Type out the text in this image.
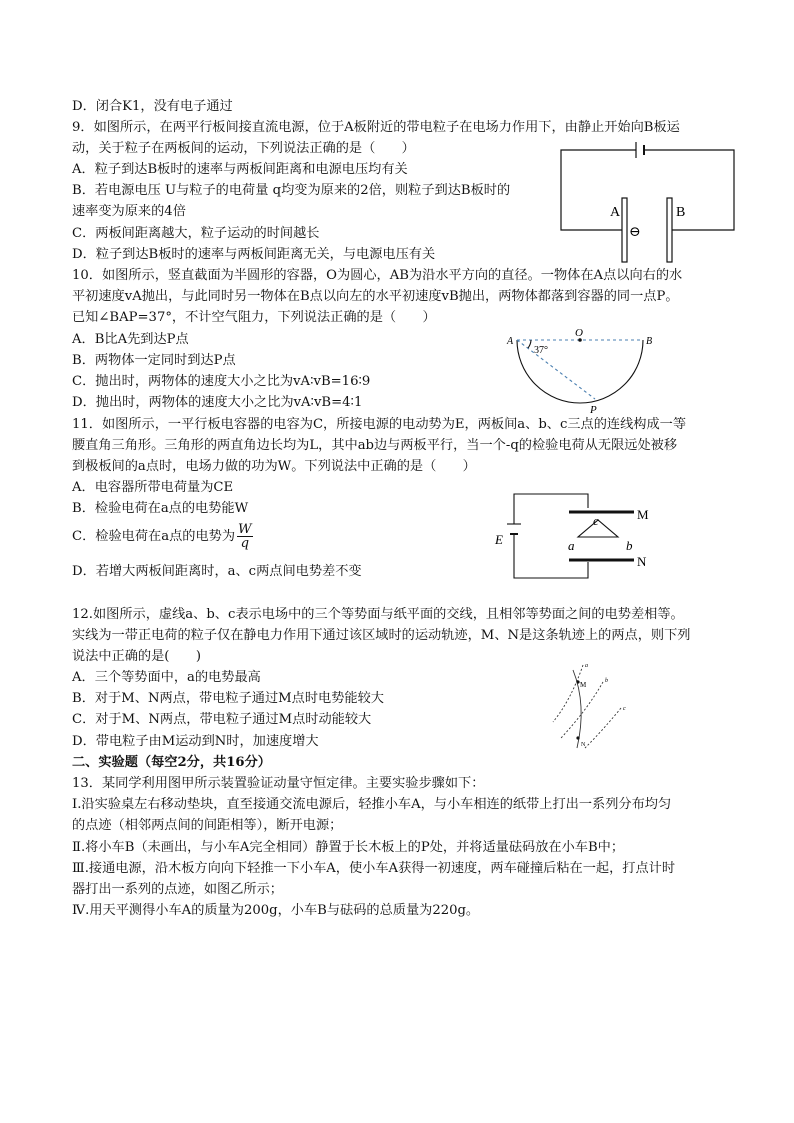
D．闭合K1，没有电子通过
9．如图所示，在两平行板间接直流电源，位于A板附近的带电粒子在电场力作用下，由静止开始向B板运
动，关于粒子在两板间的运动，下列说法正确的是（　　）
A．粒子到达B板时的速率与两板间距离和电源电压均有关
B．若电源电压 U与粒子的电荷量 q均变为原来的2倍，则粒子到达B板时的
速率变为原来的4倍
C．两板间距离越大，粒子运动的时间越长
D．粒子到达B板时的速率与两板间距离无关，与电源电压有关
10．如图所示，竖直截面为半圆形的容器，O为圆心，AB为沿水平方向的直径。一物体在A点以向右的水
平初速度vA抛出，与此同时另一物体在B点以向左的水平初速度vB抛出，两物体都落到容器的同一点P。
已知∠BAP=37°，不计空气阻力，下列说法正确的是（　　）
A．B比A先到达P点
B．两物体一定同时到达P点
C．抛出时，两物体的速度大小之比为vA∶vB=16∶9
D．抛出时，两物体的速度大小之比为vA∶vB=4∶1
11．如图所示，一平行板电容器的电容为C，所接电源的电动势为E，两板间a、b、c三点的连线构成一等
腰直角三角形。三角形的两直角边长均为L，其中ab边与两板平行，当一个-q的检验电荷从无限远处被移
到极板间的a点时，电场力做的功为W。下列说法中正确的是（　　）
A．电容器所带电荷量为CE
B．检验电荷在a点的电势能W
C．检验电荷在a点的电势为 $\frac{W}{q}$
D．若增大两板间距离时，a、c两点间电势差不变
12.如图所示，虚线a、b、c表示电场中的三个等势面与纸平面的交线，且相邻等势面之间的电势差相等。
实线为一带正电荷的粒子仅在静电力作用下通过该区域时的运动轨迹，M、N是这条轨迹上的两点，则下列
说法中正确的是(　　)
A．三个等势面中，a的电势最高
B．对于M、N两点，带电粒子通过M点时电势能较大
C．对于M、N两点，带电粒子通过M点时动能较大
D．带电粒子由M运动到N时，加速度增大
二、实验题（每空2分，共16分）
13．某同学利用图甲所示装置验证动量守恒定律。主要实验步骤如下：
Ⅰ.沿实验桌左右移动垫块，直至接通交流电源后，轻推小车A，与小车相连的纸带上打出一系列分布均匀
的点迹（相邻两点间的间距相等），断开电源；
Ⅱ.将小车B（未画出，与小车A完全相同）静置于长木板上的P处，并将适量砝码放在小车B中；
Ⅲ.接通电源，沿木板方向向下轻推一下小车A，使小车A获得一初速度，两车碰撞后粘在一起，打点计时
器打出一系列的点迹，如图乙所示；
Ⅳ.用天平测得小车A的质量为200g，小车B与砝码的总质量为220g。
A	B
⊖
A	B
O
P
37°
E
M
N
a	b
c
a
b
c
M
N
